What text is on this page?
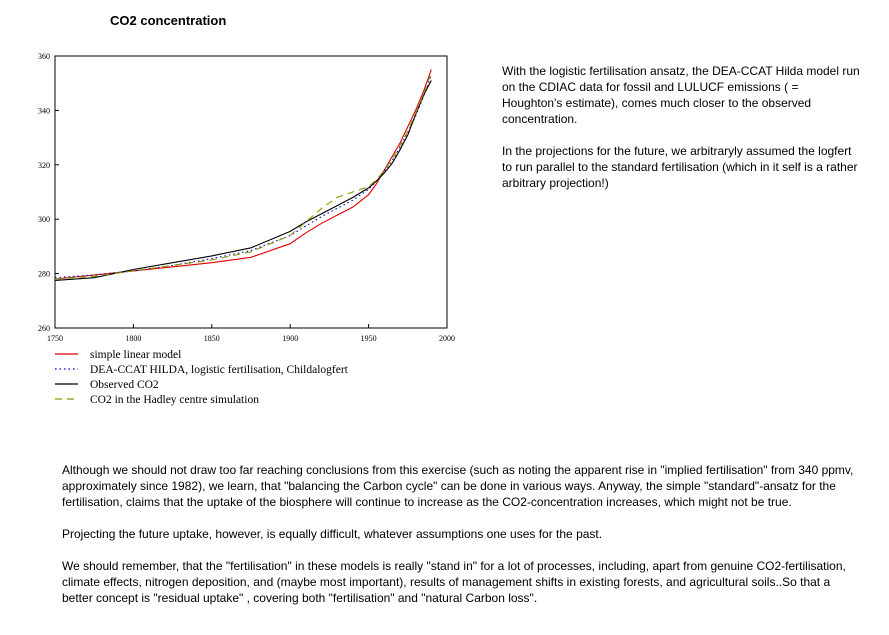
CO2 concentration
260
280
300
320
340
360
1750	1800	1850	1900	1950	2000
simple linear model
DEA-CCAT HILDA, logistic fertilisation, Childalogfert
Observed CO2
CO2 in the Hadley centre simulation

With the logistic fertilisation ansatz, the DEA-CCAT Hilda model run on the CDIAC data for fossil and LULUCF emissions ( = Houghton's estimate), comes much closer to the observed concentration.

In the projections for the future, we arbitraryly assumed the logfert to run parallel to the standard fertilisation (which in it self is a rather arbitrary projection!)

Although we should not draw too far reaching conclusions from this exercise (such as noting the apparent rise in "implied fertilisation" from 340 ppmv, approximately since 1982), we learn, that "balancing the Carbon cycle" can be done in various ways. Anyway, the simple "standard"-ansatz for the fertilisation, claims that the uptake of the biosphere will continue to increase as the CO2-concentration increases, which might not be true.

Projecting the future uptake, however, is equally difficult, whatever assumptions one uses for the past.

We should remember, that the "fertilisation" in these models is really "stand in" for a lot of processes, including, apart from genuine CO2-fertilisation, climate effects, nitrogen deposition, and (maybe most important), results of management shifts in existing forests, and agricultural soils..So that a better concept is "residual uptake" , covering both "fertilisation" and "natural Carbon loss".
